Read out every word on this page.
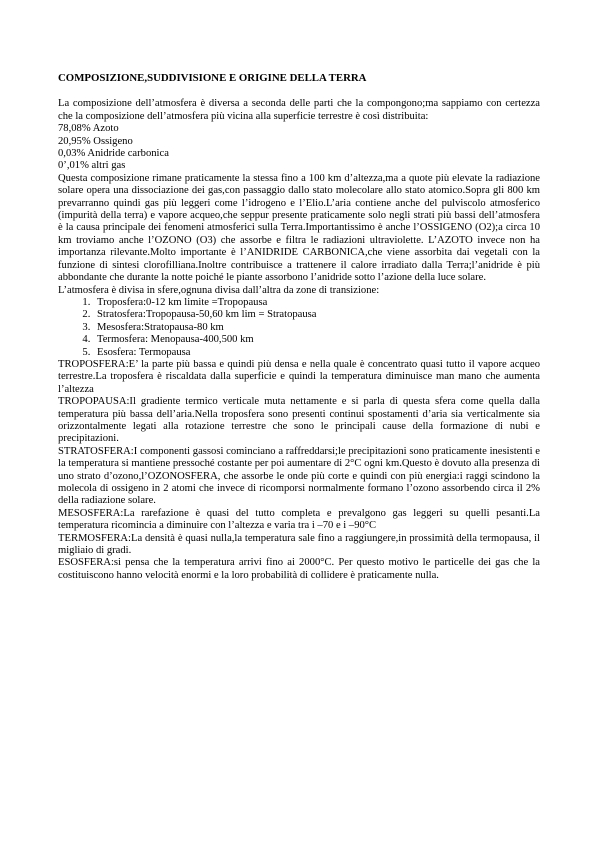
COMPOSIZIONE,SUDDIVISIONE E ORIGINE DELLA TERRA

La composizione dell’atmosfera è diversa a seconda delle parti che la compongono;ma sappiamo con certezza che la composizione dell’atmosfera più vicina alla superficie terrestre è così distribuita:

78,08% Azoto
20,95% Ossigeno
0,03% Anidride carbonica
0’,01% altri gas

Questa composizione rimane praticamente la stessa fino a 100 km d’altezza,ma a quote più elevate la radiazione solare opera una dissociazione dei gas,con passaggio dallo stato molecolare allo stato atomico.Sopra gli 800 km prevarranno quindi gas più leggeri come l’idrogeno e l’Elio.L’aria contiene anche del pulviscolo atmosferico (impurità della terra) e vapore acqueo,che seppur presente praticamente solo negli strati più bassi dell’atmosfera è la causa principale dei fenomeni atmosferici sulla Terra.Importantissimo è anche l’OSSIGENO (O2);a circa 10 km troviamo anche l’OZONO (O3) che assorbe e filtra le radiazioni ultraviolette. L’AZOTO invece non ha importanza rilevante.Molto importante è l’ANIDRIDE CARBONICA,che viene assorbita dai vegetali con la funzione di sintesi clorofilliana.Inoltre contribuisce a trattenere il calore irradiato dalla Terra;l’anidride è più abbondante che durante la notte poiché le piante assorbono l’anidride sotto l’azione della luce solare.

L’atmosfera è divisa in sfere,ognuna divisa dall’altra da zone di transizione:

1. Troposfera:0-12 km limite =Tropopausa
2. Stratosfera:Tropopausa-50,60 km lim = Stratopausa
3. Mesosfera:Stratopausa-80 km
4. Termosfera: Menopausa-400,500 km
5. Esosfera: Termopausa

TROPOSFERA:E’ la parte più bassa e quindi più densa e nella quale è concentrato quasi tutto il vapore acqueo terrestre.La troposfera è riscaldata dalla superficie e quindi la temperatura diminuisce man mano che aumenta l’altezza

TROPOPAUSA:Il gradiente termico verticale muta nettamente e si parla di questa sfera come quella dalla temperatura più bassa dell’aria.Nella troposfera sono presenti continui spostamenti d’aria sia verticalmente sia orizzontalmente legati alla rotazione terrestre che sono le principali cause della formazione di nubi e precipitazioni.

STRATOSFERA:I componenti gassosi cominciano a raffreddarsi;le precipitazioni sono praticamente inesistenti e la temperatura si mantiene pressoché costante per poi aumentare di 2°C ogni km.Questo è dovuto alla presenza di uno strato d’ozono,l’OZONOSFERA, che assorbe le onde più corte e quindi con più energia:i raggi scindono la molecola di ossigeno in 2 atomi che invece di ricomporsi normalmente formano l’ozono assorbendo circa il 2% della radiazione solare.

MESOSFERA:La rarefazione è quasi del tutto completa e prevalgono gas leggeri su quelli pesanti.La temperatura ricomincia a diminuire con l’altezza e varia tra i –70 e i –90°C

TERMOSFERA:La densità è quasi nulla,la temperatura sale fino a raggiungere,in prossimità della termopausa, il migliaio di gradi.

ESOSFERA:si pensa che la temperatura arrivi fino ai 2000°C. Per questo motivo le particelle dei gas che la costituiscono hanno velocità enormi e la loro probabilità di collidere è praticamente nulla.
